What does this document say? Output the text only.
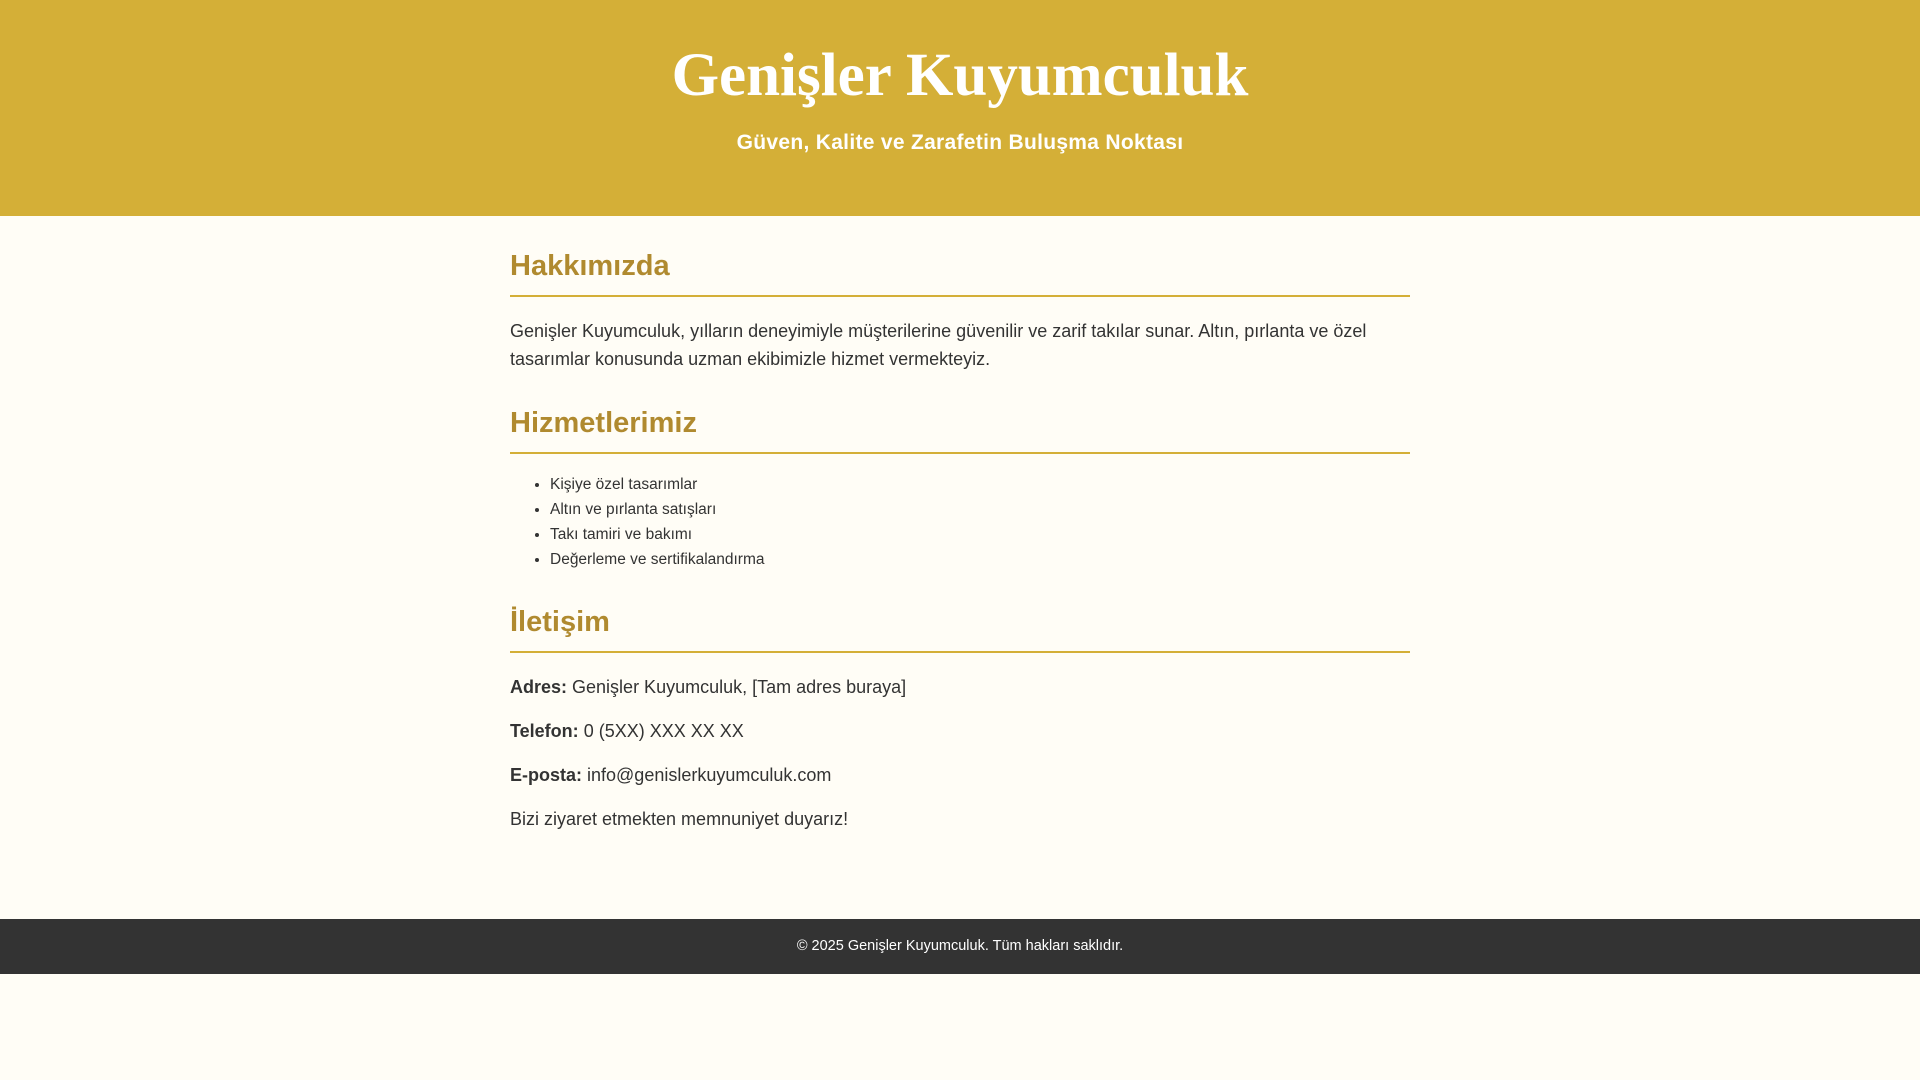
Genişler Kuyumculuk

Güven, Kalite ve Zarafetin Buluşma Noktası

Hakkımızda

Genişler Kuyumculuk, yılların deneyimiyle müşterilerine güvenilir ve zarif takılar sunar. Altın, pırlanta ve özel tasarımlar konusunda uzman ekibimizle hizmet vermekteyiz.

Hizmetlerimiz
• Kişiye özel tasarımlar
• Altın ve pırlanta satışları
• Takı tamiri ve bakımı
• Değerleme ve sertifikalandırma
İletişim

Adres: Genişler Kuyumculuk, [Tam adres buraya]

Telefon: 0 (5XX) XXX XX XX

E-posta: info@genislerkuyumculuk.com

Bizi ziyaret etmekten memnuniyet duyarız!

© 2025 Genişler Kuyumculuk. Tüm hakları saklıdır.
